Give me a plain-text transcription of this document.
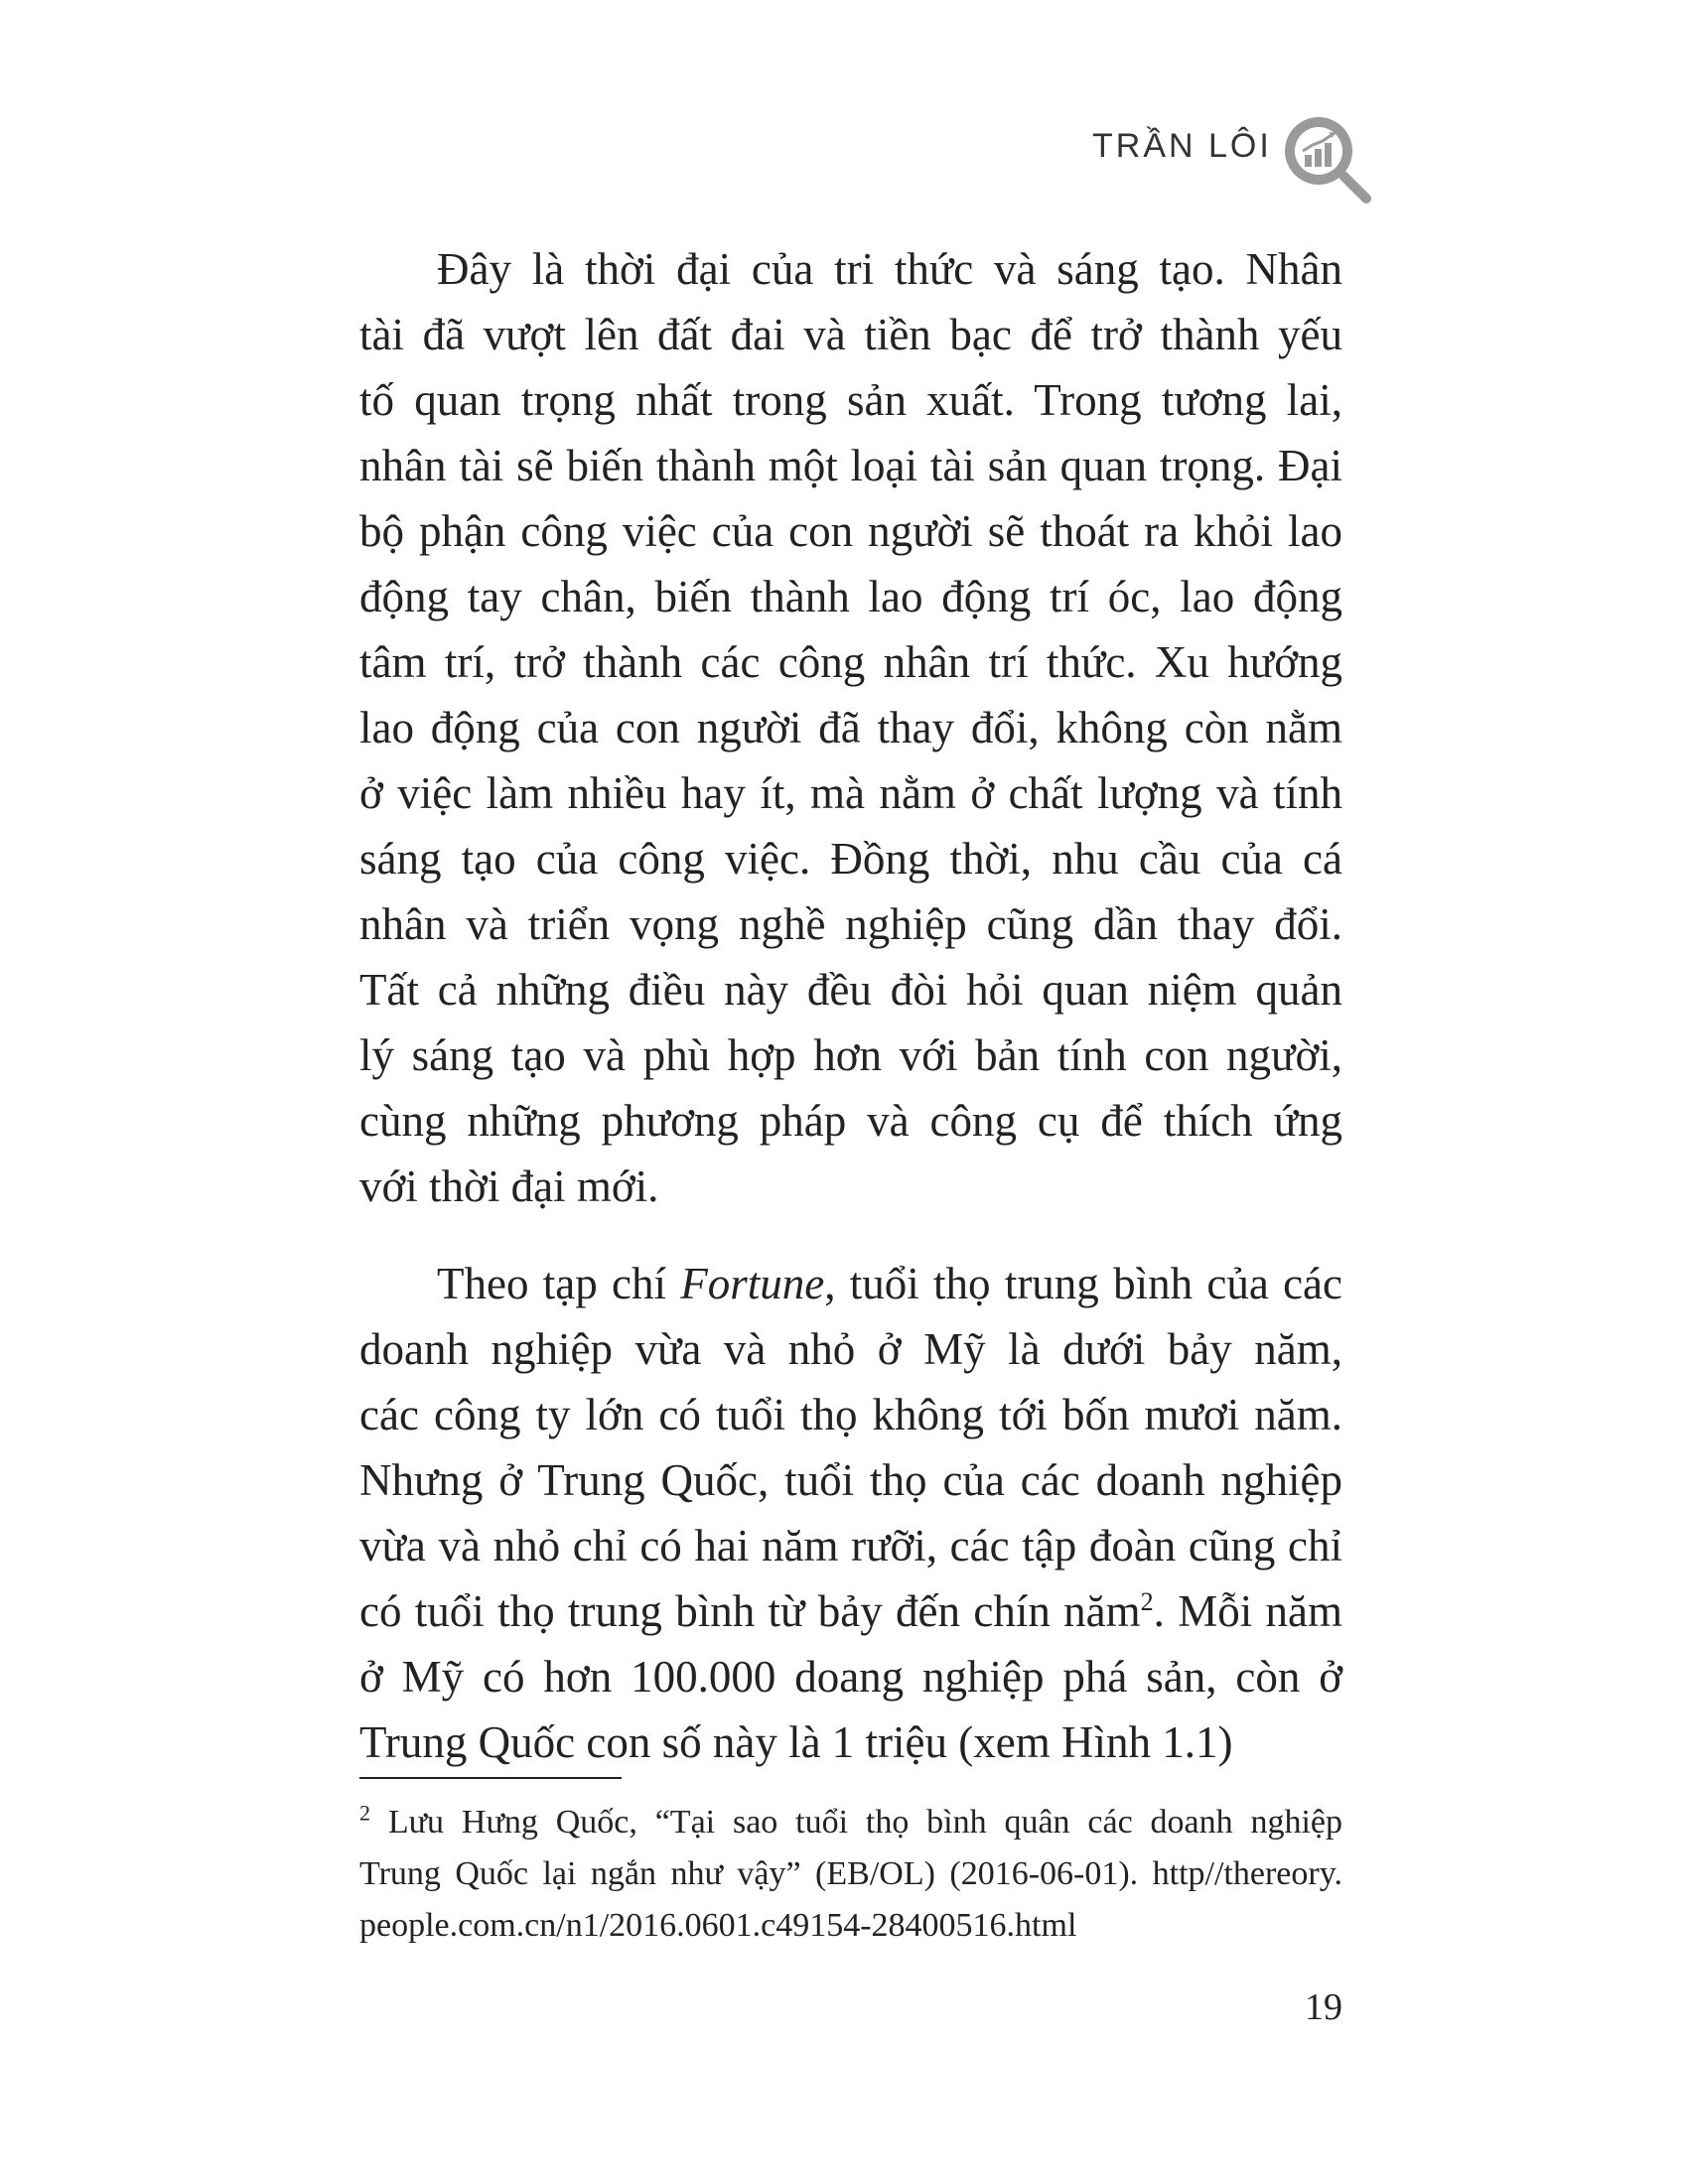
TRẦN LÔI
Đây là thời đại của tri thức và sáng tạo. Nhân
tài đã vượt lên đất đai và tiền bạc để trở thành yếu
tố quan trọng nhất trong sản xuất. Trong tương lai,
nhân tài sẽ biến thành một loại tài sản quan trọng. Đại
bộ phận công việc của con người sẽ thoát ra khỏi lao
động tay chân, biến thành lao động trí óc, lao động
tâm trí, trở thành các công nhân trí thức. Xu hướng
lao động của con người đã thay đổi, không còn nằm
ở việc làm nhiều hay ít, mà nằm ở chất lượng và tính
sáng tạo của công việc. Đồng thời, nhu cầu của cá
nhân và triển vọng nghề nghiệp cũng dần thay đổi.
Tất cả những điều này đều đòi hỏi quan niệm quản
lý sáng tạo và phù hợp hơn với bản tính con người,
cùng những phương pháp và công cụ để thích ứng
với thời đại mới.
Theo tạp chí Fortune, tuổi thọ trung bình của các
doanh nghiệp vừa và nhỏ ở Mỹ là dưới bảy năm,
các công ty lớn có tuổi thọ không tới bốn mươi năm.
Nhưng ở Trung Quốc, tuổi thọ của các doanh nghiệp
vừa và nhỏ chỉ có hai năm rưỡi, các tập đoàn cũng chỉ
có tuổi thọ trung bình từ bảy đến chín năm$^2$. Mỗi năm
ở Mỹ có hơn 100.000 doang nghiệp phá sản, còn ở
Trung Quốc con số này là 1 triệu (xem Hình 1.1)
$^2$ Lưu Hưng Quốc, “Tại sao tuổi thọ bình quân các doanh nghiệp
Trung Quốc lại ngắn như vậy” (EB/OL) (2016-06-01). http//thereory.
people.com.cn/n1/2016.0601.c49154-28400516.html
19
